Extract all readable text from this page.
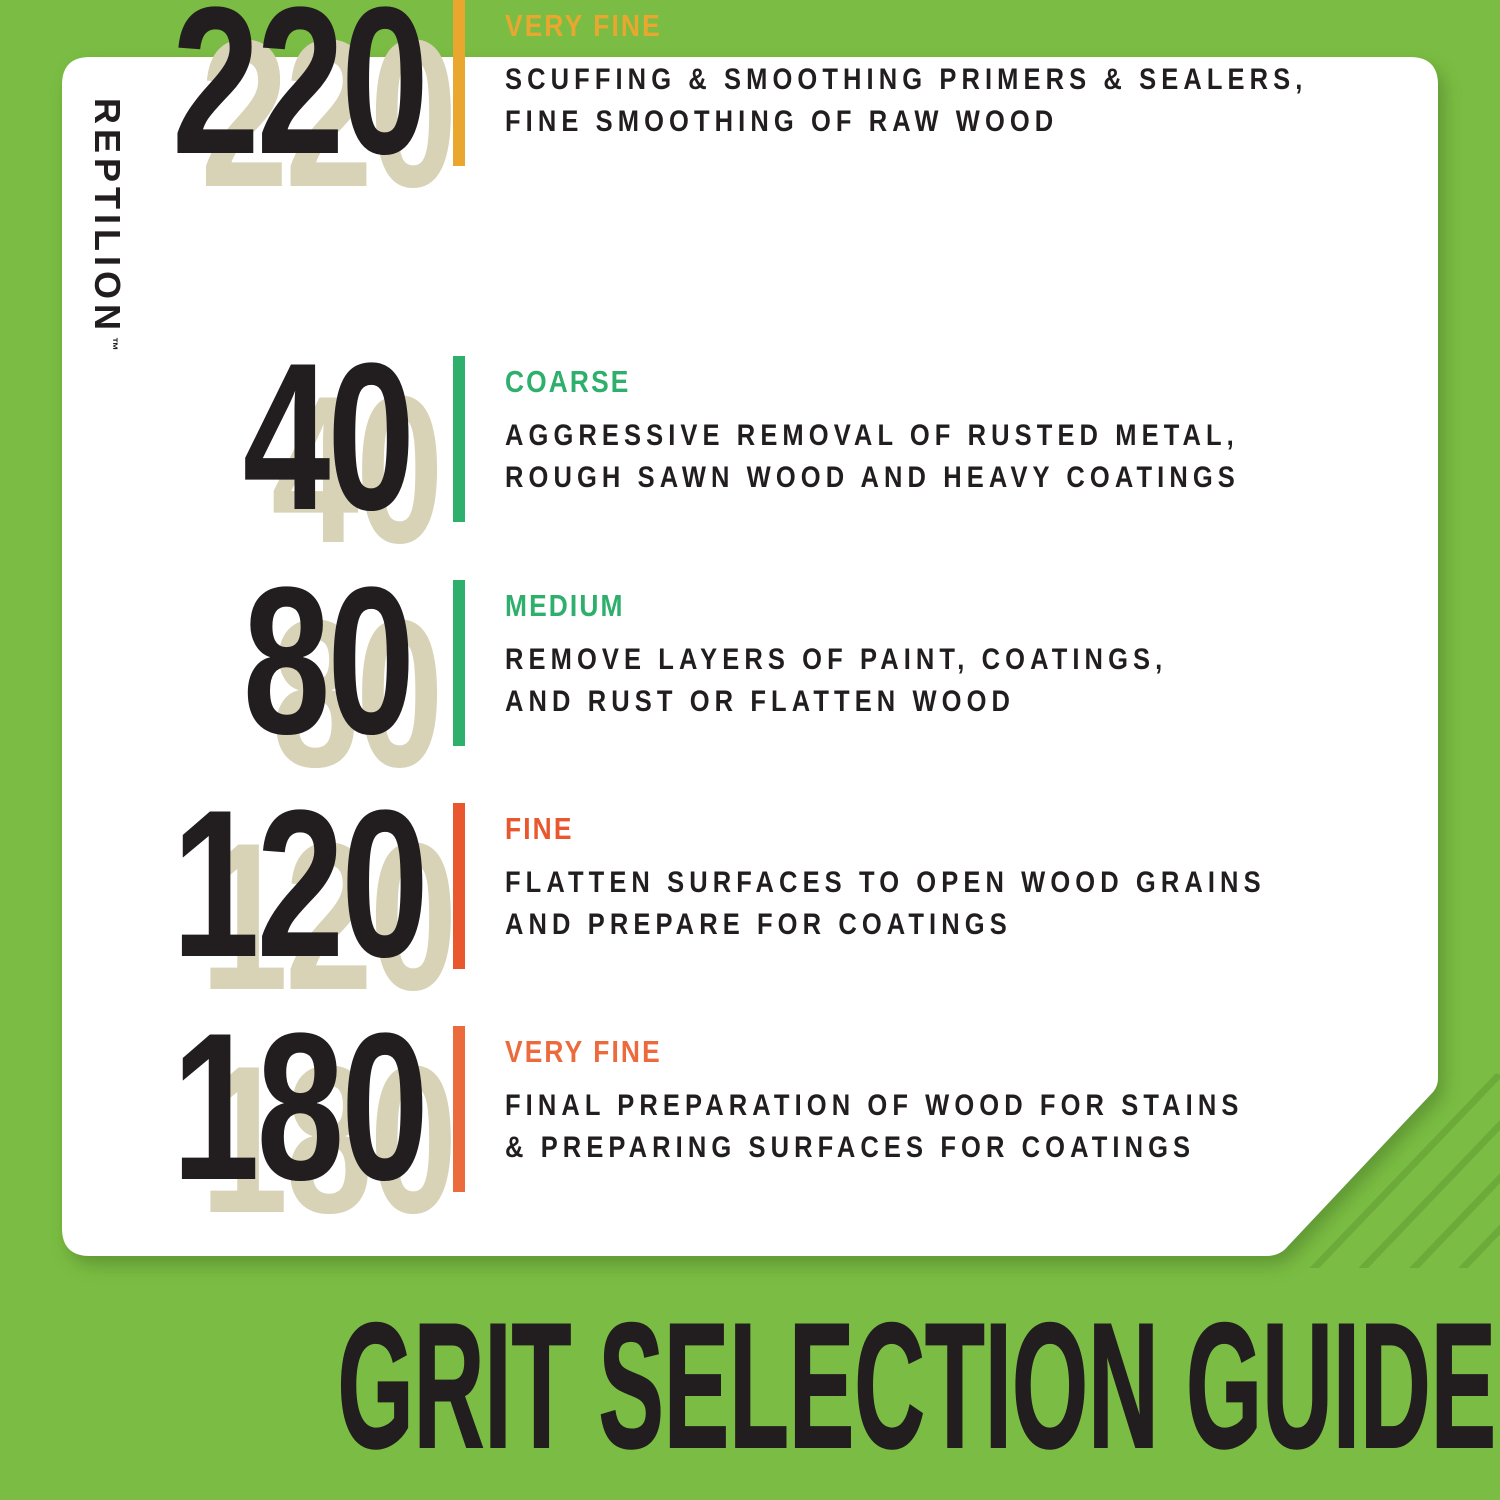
REPTILION™ 40	COARSE

AGGRESSIVE REMOVAL OF RUSTED METAL,
ROUGH SAWN WOOD AND HEAVY COATINGS
80	MEDIUM

REMOVE LAYERS OF PAINT, COATINGS,
AND RUST OR FLATTEN WOOD
120	FINE

FLATTEN SURFACES TO OPEN WOOD GRAINS
AND PREPARE FOR COATINGS
180	VERY FINE

FINAL PREPARATION OF WOOD FOR STAINS
& PREPARING SURFACES FOR COATINGS
220	VERY FINE

SCUFFING & SMOOTHING PRIMERS & SEALERS,
FINE SMOOTHING OF RAW WOOD
GRIT SELECTION GUIDE
